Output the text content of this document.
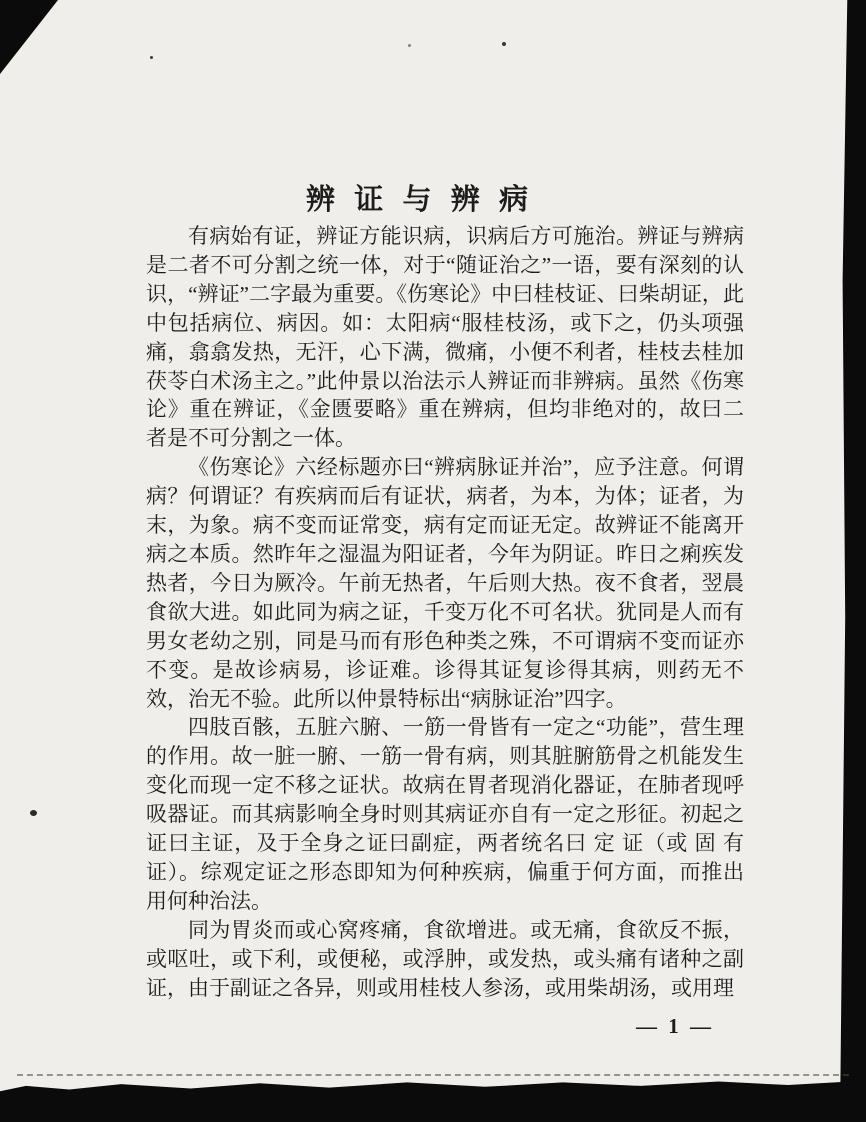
辨 证 与 辨 病

有病始有证，辨证方能识病，识病后方可施治。辨证与辨病是二者不可分割之统一体，对于“随证治之”一语，要有深刻的认识，“辨证”二字最为重要。《伤寒论》中曰桂枝证、曰柴胡证，此中包括病位、病因。如：太阳病“服桂枝汤，或下之，仍头项强痛，翕翕发热，无汗，心下满，微痛，小便不利者，桂枝去桂加茯苓白术汤主之。”此仲景以治法示人辨证而非辨病。虽然《伤寒论》重在辨证，《金匮要略》重在辨病，但均非绝对的，故曰二者是不可分割之一体。

《伤寒论》六经标题亦曰“辨病脉证并治”，应予注意。何谓病？何谓证？有疾病而后有证状，病者，为本，为体；证者，为末，为象。病不变而证常变，病有定而证无定。故辨证不能离开病之本质。然昨年之湿温为阳证者，今年为阴证。昨日之痢疾发热者，今日为厥冷。午前无热者，午后则大热。夜不食者，翌晨食欲大进。如此同为病之证，千变万化不可名状。犹同是人而有男女老幼之别，同是马而有形色种类之殊，不可谓病不变而证亦不变。是故诊病易，诊证难。诊得其证复诊得其病，则药无不效，治无不验。此所以仲景特标出“病脉证治”四字。

四肢百骸，五脏六腑、一筋一骨皆有一定之“功能”，营生理的作用。故一脏一腑、一筋一骨有病，则其脏腑筋骨之机能发生变化而现一定不移之证状。故病在胃者现消化器证，在肺者现呼吸器证。而其病影响全身时则其病证亦自有一定之形征。初起之证曰主证，及于全身之证曰副症，两者统名曰 定 证（或 固 有证）。综观定证之形态即知为何种疾病，偏重于何方面，而推出用何种治法。

同为胃炎而或心窝疼痛，食欲增进。或无痛，食欲反不振，或呕吐，或下利，或便秘，或浮肿，或发热，或头痛有诸种之副证，由于副证之各异，则或用桂枝人参汤，或用柴胡汤，或用理

— 1 —
